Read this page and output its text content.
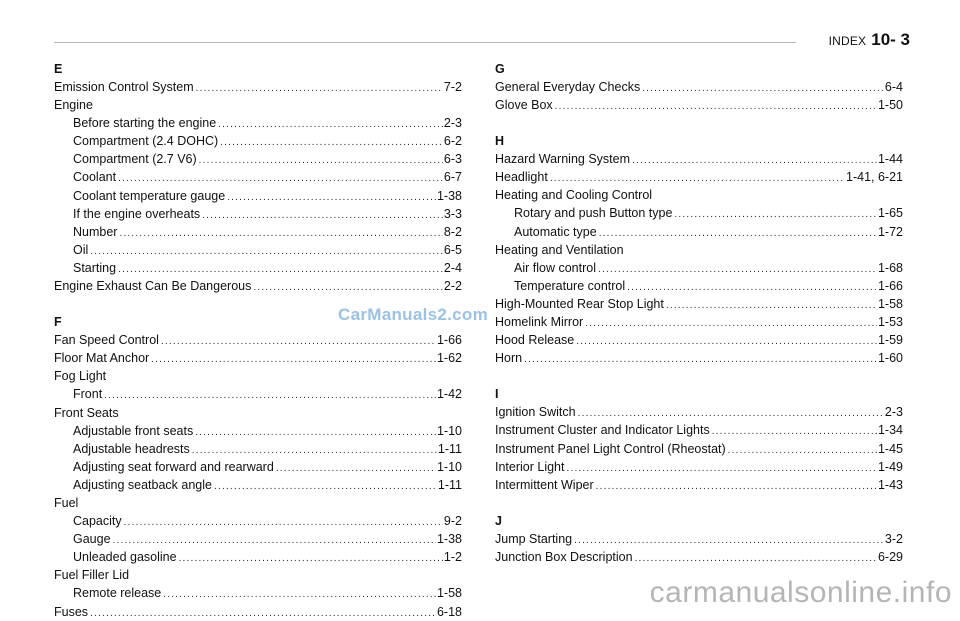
INDEX 10- 3
E
Emission Control System .....	7-2
Engine
Before starting the engine .....	2-3
Compartment (2.4 DOHC) .....	6-2
Compartment (2.7 V6) .....	6-3
Coolant .....	6-7
Coolant temperature gauge .....	1-38
If the engine overheats .....	3-3
Number .....	8-2
Oil .....	6-5
Starting .....	2-4
Engine Exhaust Can Be Dangerous .....	2-2
F
Fan Speed Control .....	1-66
Floor Mat Anchor .....	1-62
Fog Light
Front .....	1-42
Front Seats
Adjustable front seats .....	1-10
Adjustable headrests .....	1-11
Adjusting seat forward and rearward .....	1-10
Adjusting seatback angle .....	1-11
Fuel
Capacity .....	9-2
Gauge .....	1-38
Unleaded gasoline .....	1-2
Fuel Filler Lid
Remote release .....	1-58
Fuses .....	6-18
G
General Everyday Checks .....	6-4
Glove Box .....	1-50
H
Hazard Warning System .....	1-44
Headlight .....	1-41, 6-21
Heating and Cooling Control
Rotary and push Button type .....	1-65
Automatic type .....	1-72
Heating and Ventilation
Air flow control .....	1-68
Temperature control .....	1-66
High-Mounted Rear Stop Light .....	1-58
Homelink Mirror .....	1-53
Hood Release .....	1-59
Horn .....	1-60
I
Ignition Switch .....	2-3
Instrument Cluster and Indicator Lights .....	1-34
Instrument Panel Light Control (Rheostat) .....	1-45
Interior Light .....	1-49
Intermittent Wiper .....	1-43
J
Jump Starting .....	3-2
Junction Box Description .....	6-29
CarManuals2.com
carmanualsonline.info
